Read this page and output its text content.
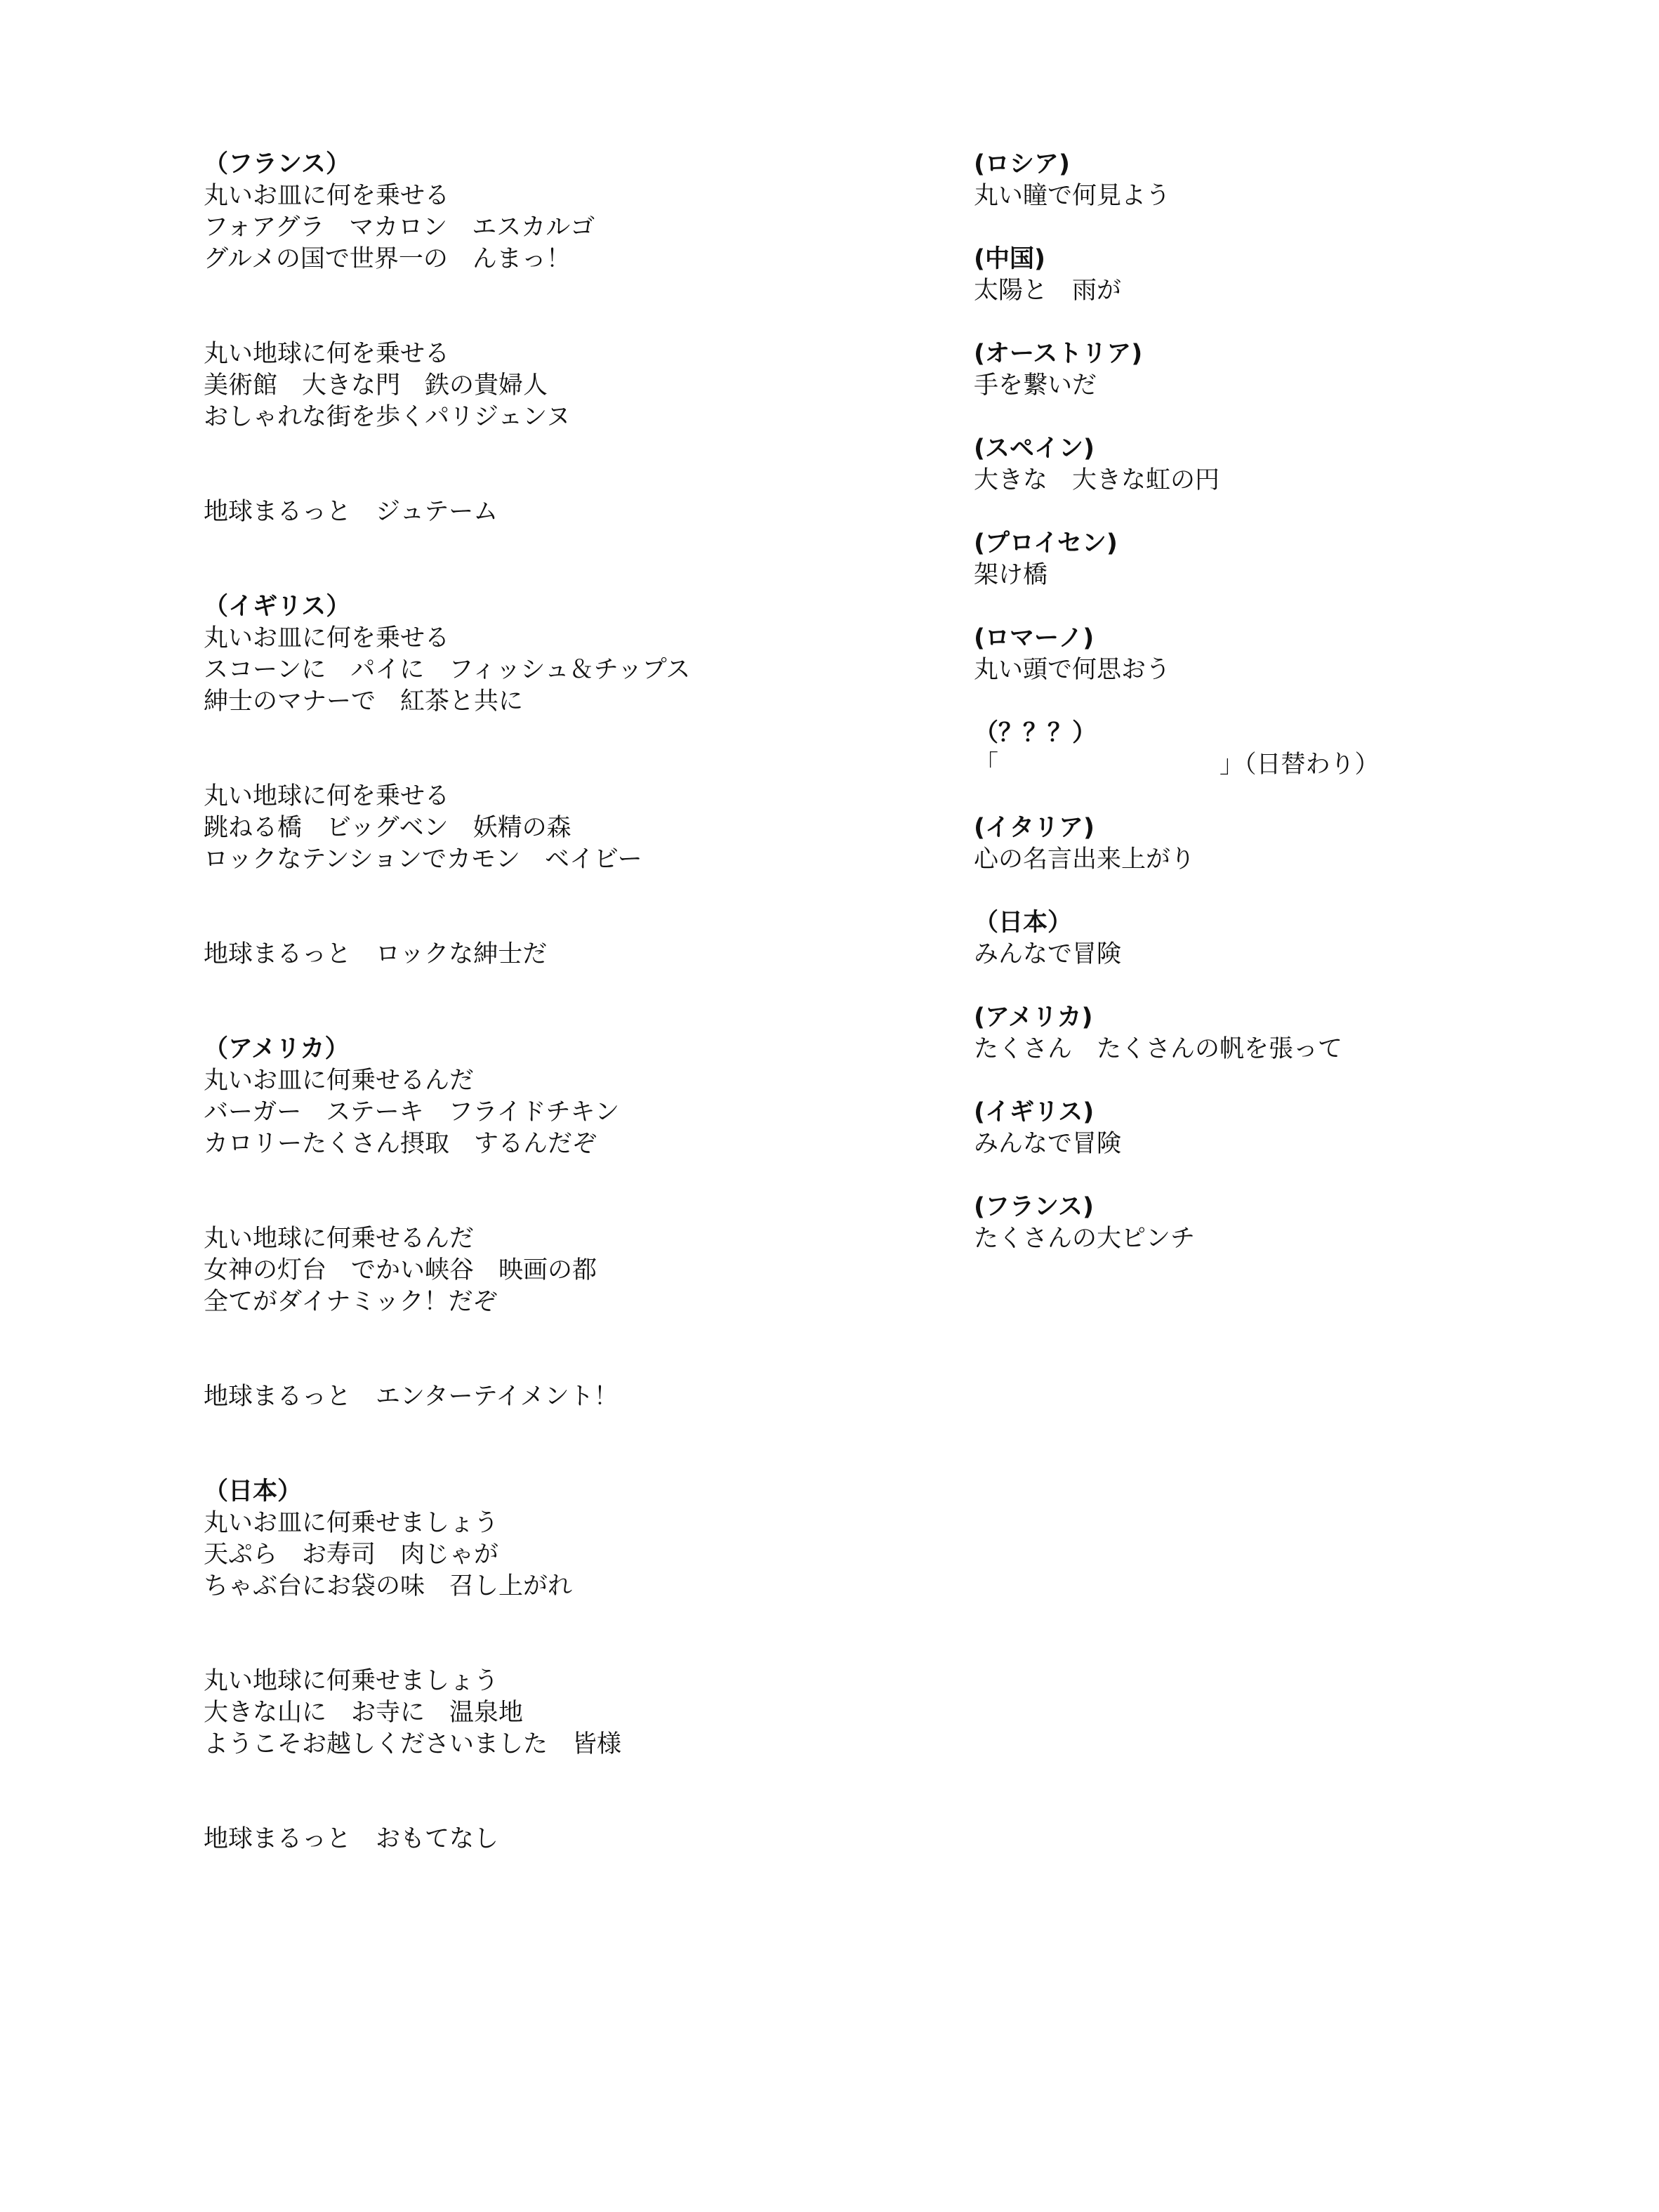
（フランス）
丸いお皿に何を乗せる
フォアグラ　マカロン　エスカルゴ
グルメの国で世界一の　んまっ！
丸い地球に何を乗せる
美術館　大きな門　鉄の貴婦人
おしゃれな街を歩くパリジェンヌ
地球まるっと　ジュテーム
（イギリス）
丸いお皿に何を乗せる
スコーンに　パイに　フィッシュ＆チップス
紳士のマナーで　紅茶と共に
丸い地球に何を乗せる
跳ねる橋　ビッグベン　妖精の森
ロックなテンションでカモン　ベイビー
地球まるっと　ロックな紳士だ
（アメリカ）
丸いお皿に何乗せるんだ
バーガー　ステーキ　フライドチキン
カロリーたくさん摂取　するんだぞ
丸い地球に何乗せるんだ
女神の灯台　でかい峡谷　映画の都
全てがダイナミック！だぞ
地球まるっと　エンターテイメント！
（日本）
丸いお皿に何乗せましょう
天ぷら　お寿司　肉じゃが
ちゃぶ台にお袋の味　召し上がれ
丸い地球に何乗せましょう
大きな山に　お寺に　温泉地
ようこそお越しくださいました　皆様
地球まるっと　おもてなし
(ロシア)
丸い瞳で何見よう
(中国)
太陽と　雨が
(オーストリア)
手を繋いだ
(スペイン)
大きな　大きな虹の円
(プロイセン)
架け橋
(ロマーノ)
丸い頭で何思おう
（？？？）
「　　　　　　　　　」（日替わり）
(イタリア)
心の名言出来上がり
（日本）
みんなで冒険
(アメリカ)
たくさん　たくさんの帆を張って
(イギリス)
みんなで冒険
(フランス)
たくさんの大ピンチ
